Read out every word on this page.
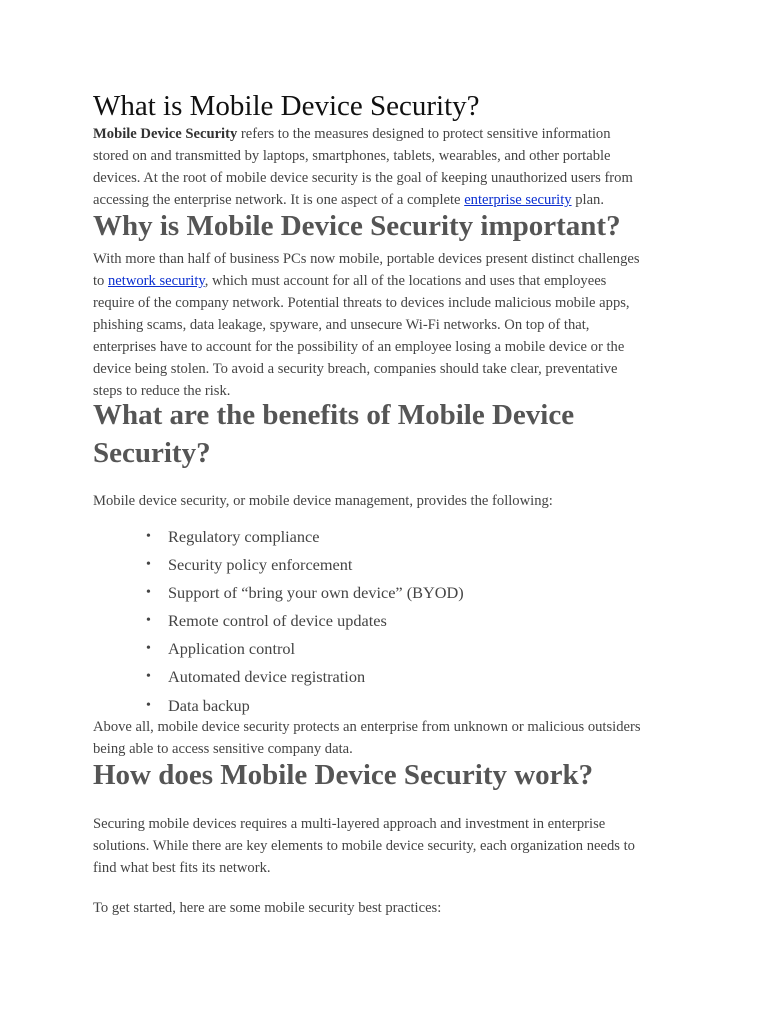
What is Mobile Device Security?
Mobile Device Security refers to the measures designed to protect sensitive information
stored on and transmitted by laptops, smartphones, tablets, wearables, and other portable
devices. At the root of mobile device security is the goal of keeping unauthorized users from
accessing the enterprise network. It is one aspect of a complete enterprise security plan.
Why is Mobile Device Security important?
With more than half of business PCs now mobile, portable devices present distinct challenges
to network security, which must account for all of the locations and uses that employees
require of the company network. Potential threats to devices include malicious mobile apps,
phishing scams, data leakage, spyware, and unsecure Wi-Fi networks. On top of that,
enterprises have to account for the possibility of an employee losing a mobile device or the
device being stolen. To avoid a security breach, companies should take clear, preventative
steps to reduce the risk.
What are the benefits of Mobile Device
Security?
Mobile device security, or mobile device management, provides the following:
• Regulatory compliance
• Security policy enforcement
• Support of “bring your own device” (BYOD)
• Remote control of device updates
• Application control
• Automated device registration
• Data backup
Above all, mobile device security protects an enterprise from unknown or malicious outsiders
being able to access sensitive company data.
How does Mobile Device Security work?
Securing mobile devices requires a multi-layered approach and investment in enterprise
solutions. While there are key elements to mobile device security, each organization needs to
find what best fits its network.
To get started, here are some mobile security best practices:
